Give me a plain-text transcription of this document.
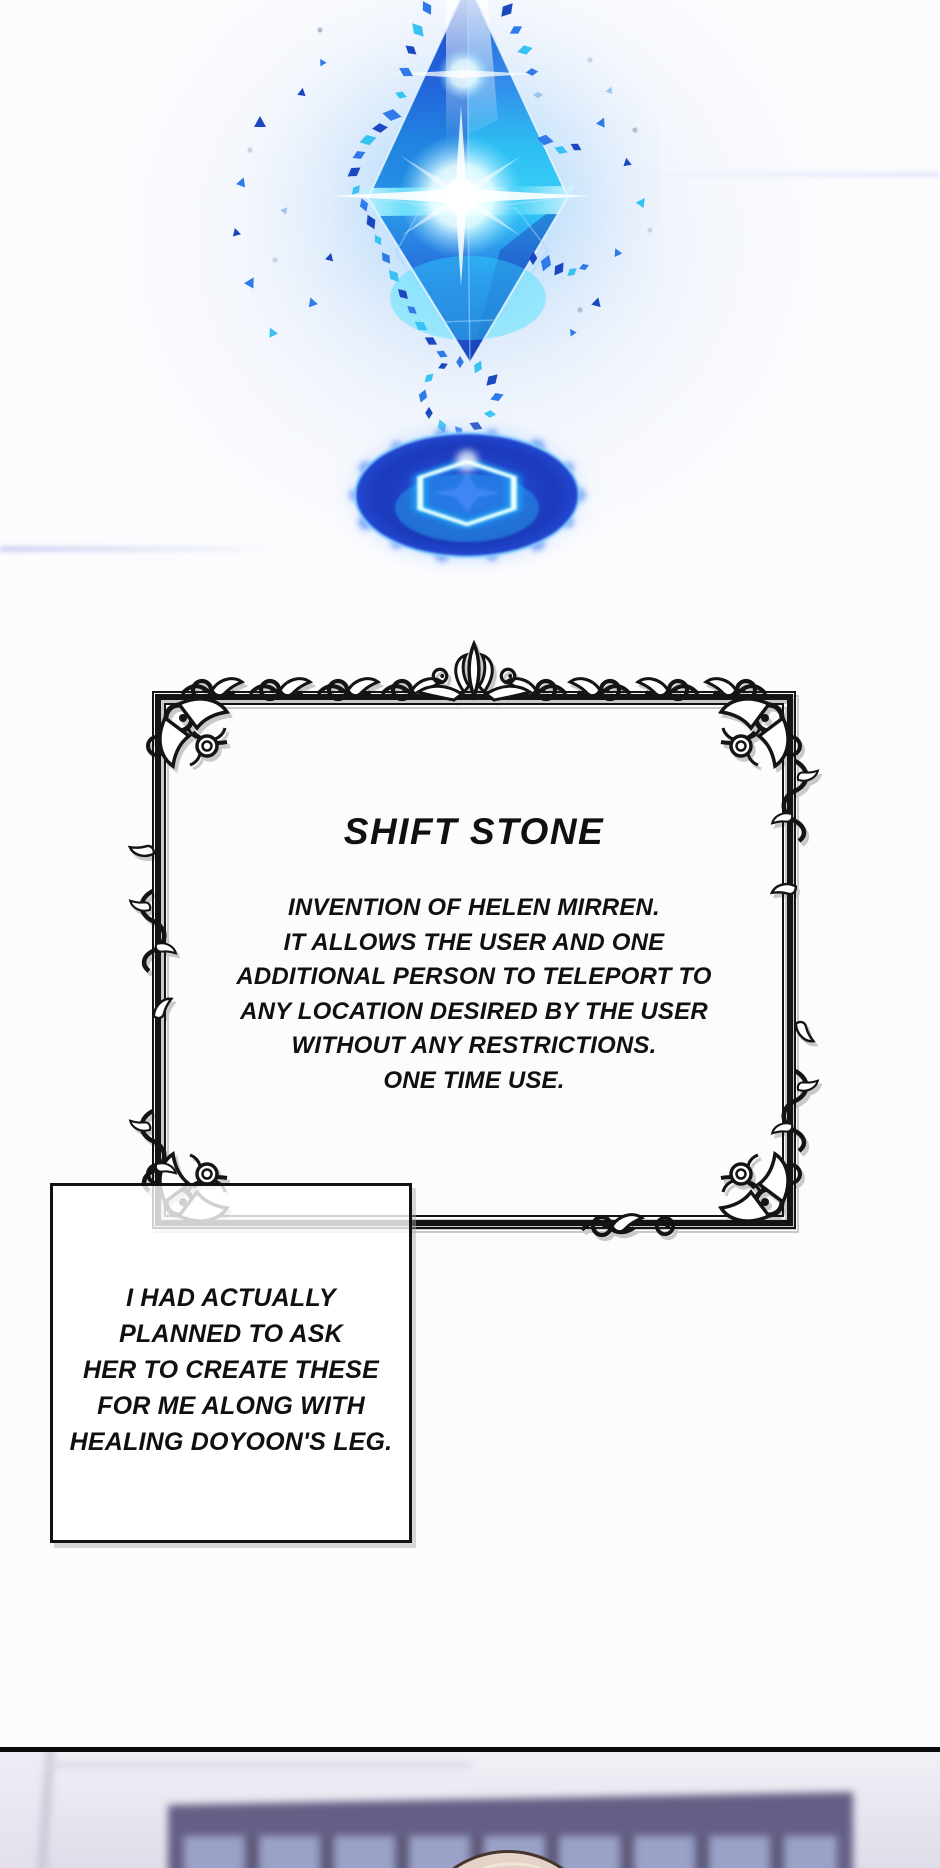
SHIFT STONE
INVENTION OF HELEN MIRREN.
IT ALLOWS THE USER AND ONE
ADDITIONAL PERSON TO TELEPORT TO
ANY LOCATION DESIRED BY THE USER
WITHOUT ANY RESTRICTIONS.
ONE TIME USE.
I HAD ACTUALLY
PLANNED TO ASK
HER TO CREATE THESE
FOR ME ALONG WITH
HEALING DOYOON'S LEG.
